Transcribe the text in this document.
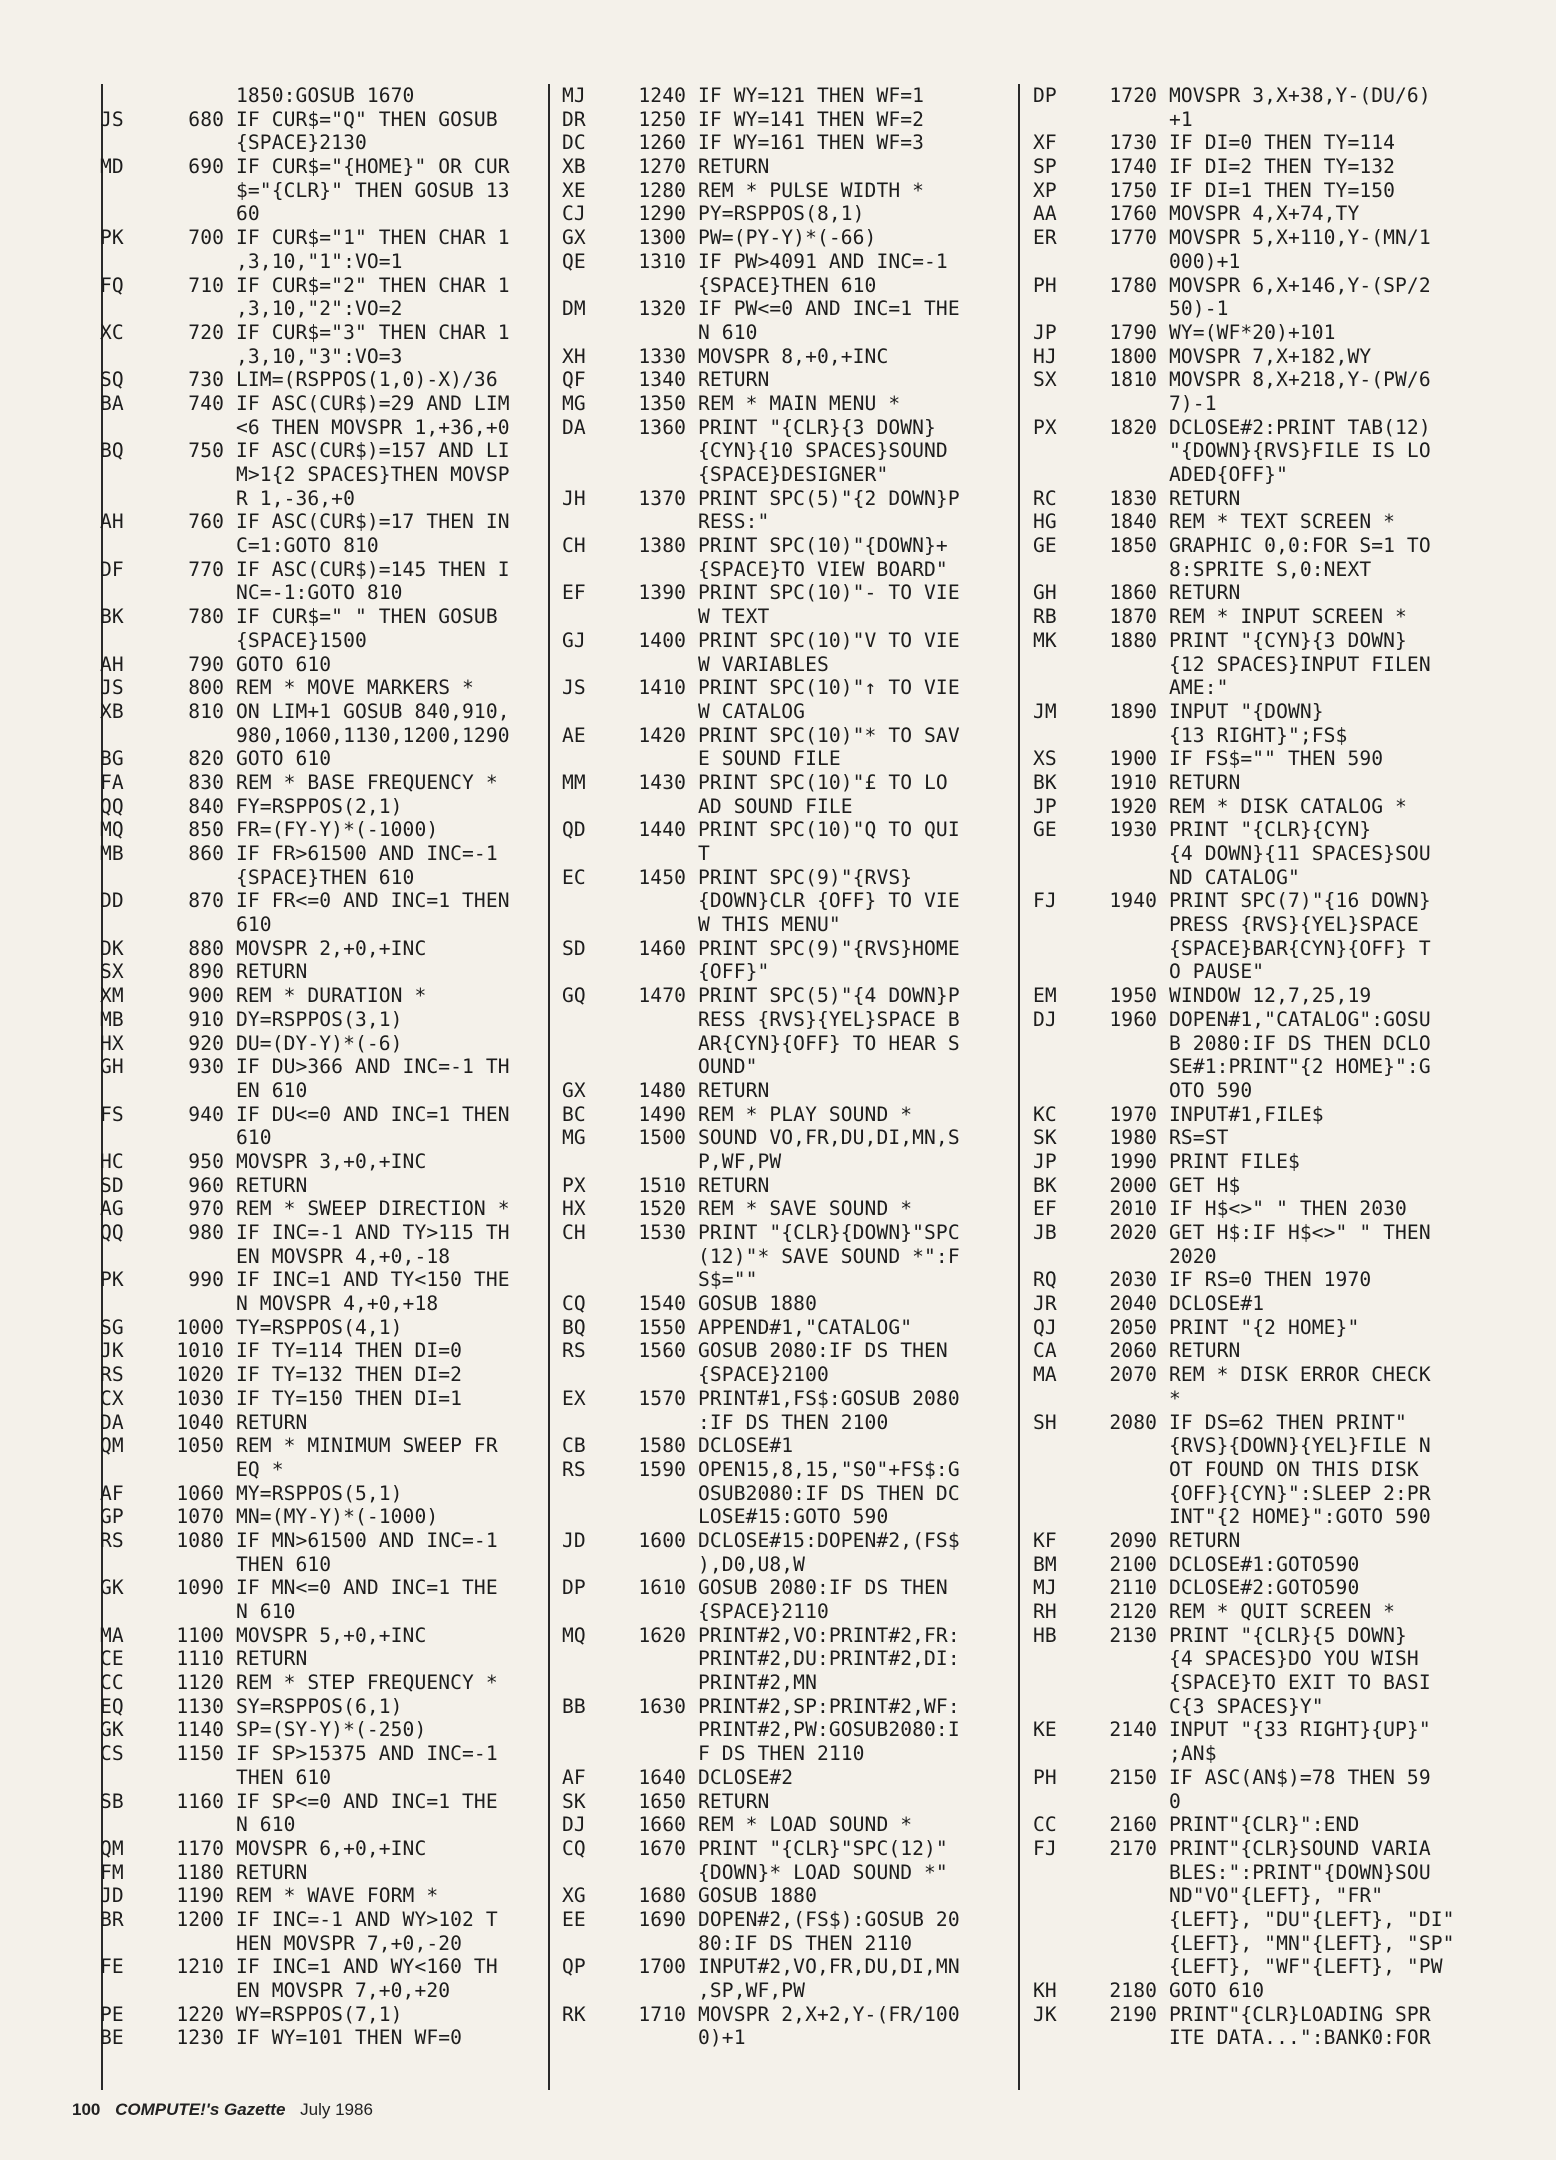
1850:GOSUB 1670
JS	680 IF CUR$="Q" THEN GOSUB
{SPACE}2130
MD	690 IF CUR$="{HOME}" OR CUR
$="{CLR}" THEN GOSUB 13
60
PK	700 IF CUR$="1" THEN CHAR 1
,3,10,"1":VO=1
FQ	710 IF CUR$="2" THEN CHAR 1
,3,10,"2":VO=2
XC	720 IF CUR$="3" THEN CHAR 1
,3,10,"3":VO=3
SQ	730 LIM=(RSPPOS(1,0)-X)/36
BA	740 IF ASC(CUR$)=29 AND LIM
<6 THEN MOVSPR 1,+36,+0
BQ	750 IF ASC(CUR$)=157 AND LI
M>1{2 SPACES}THEN MOVSP
R 1,-36,+0
AH	760 IF ASC(CUR$)=17 THEN IN
C=1:GOTO 810
DF	770 IF ASC(CUR$)=145 THEN I
NC=-1:GOTO 810
BK	780 IF CUR$=" " THEN GOSUB
{SPACE}1500
AH	790 GOTO 610
JS	800 REM * MOVE MARKERS *
XB	810 ON LIM+1 GOSUB 840,910,
980,1060,1130,1200,1290
BG	820 GOTO 610
FA	830 REM * BASE FREQUENCY *
QQ	840 FY=RSPPOS(2,1)
MQ	850 FR=(FY-Y)*(-1000)
MB	860 IF FR>61500 AND INC=-1
{SPACE}THEN 610
DD	870 IF FR<=0 AND INC=1 THEN
610
DK	880 MOVSPR 2,+0,+INC
SX	890 RETURN
XM	900 REM * DURATION *
MB	910 DY=RSPPOS(3,1)
HX	920 DU=(DY-Y)*(-6)
GH	930 IF DU>366 AND INC=-1 TH
EN 610
FS	940 IF DU<=0 AND INC=1 THEN
610
HC	950 MOVSPR 3,+0,+INC
SD	960 RETURN
AG	970 REM * SWEEP DIRECTION *
QQ	980 IF INC=-1 AND TY>115 TH
EN MOVSPR 4,+0,-18
PK	990 IF INC=1 AND TY<150 THE
N MOVSPR 4,+0,+18
SG	1000 TY=RSPPOS(4,1)
JK	1010 IF TY=114 THEN DI=0
RS	1020 IF TY=132 THEN DI=2
CX	1030 IF TY=150 THEN DI=1
DA	1040 RETURN
QM	1050 REM * MINIMUM SWEEP FR
EQ *
AF	1060 MY=RSPPOS(5,1)
GP	1070 MN=(MY-Y)*(-1000)
RS	1080 IF MN>61500 AND INC=-1
THEN 610
GK	1090 IF MN<=0 AND INC=1 THE
N 610
MA	1100 MOVSPR 5,+0,+INC
CE	1110 RETURN
CC	1120 REM * STEP FREQUENCY *
EQ	1130 SY=RSPPOS(6,1)
GK	1140 SP=(SY-Y)*(-250)
CS	1150 IF SP>15375 AND INC=-1
THEN 610
SB	1160 IF SP<=0 AND INC=1 THE
N 610
QM	1170 MOVSPR 6,+0,+INC
FM	1180 RETURN
JD	1190 REM * WAVE FORM *
BR	1200 IF INC=-1 AND WY>102 T
HEN MOVSPR 7,+0,-20
FE	1210 IF INC=1 AND WY<160 TH
EN MOVSPR 7,+0,+20
PE	1220 WY=RSPPOS(7,1)
BE	1230 IF WY=101 THEN WF=0
MJ	1240 IF WY=121 THEN WF=1
DR	1250 IF WY=141 THEN WF=2
DC	1260 IF WY=161 THEN WF=3
XB	1270 RETURN
XE	1280 REM * PULSE WIDTH *
CJ	1290 PY=RSPPOS(8,1)
GX	1300 PW=(PY-Y)*(-66)
QE	1310 IF PW>4091 AND INC=-1
{SPACE}THEN 610
DM	1320 IF PW<=0 AND INC=1 THE
N 610
XH	1330 MOVSPR 8,+0,+INC
QF	1340 RETURN
MG	1350 REM * MAIN MENU *
DA	1360 PRINT "{CLR}{3 DOWN}
{CYN}{10 SPACES}SOUND
{SPACE}DESIGNER"
JH	1370 PRINT SPC(5)"{2 DOWN}P
RESS:"
CH	1380 PRINT SPC(10)"{DOWN}+
{SPACE}TO VIEW BOARD"
EF	1390 PRINT SPC(10)"- TO VIE
W TEXT
GJ	1400 PRINT SPC(10)"V TO VIE
W VARIABLES
JS	1410 PRINT SPC(10)"↑ TO VIE
W CATALOG
AE	1420 PRINT SPC(10)"* TO SAV
E SOUND FILE
MM	1430 PRINT SPC(10)"£ TO LO
AD SOUND FILE
QD	1440 PRINT SPC(10)"Q TO QUI
T
EC	1450 PRINT SPC(9)"{RVS}
{DOWN}CLR {OFF} TO VIE
W THIS MENU"
SD	1460 PRINT SPC(9)"{RVS}HOME
{OFF}"
GQ	1470 PRINT SPC(5)"{4 DOWN}P
RESS {RVS}{YEL}SPACE B
AR{CYN}{OFF} TO HEAR S
OUND"
GX	1480 RETURN
BC	1490 REM * PLAY SOUND *
MG	1500 SOUND VO,FR,DU,DI,MN,S
P,WF,PW
PX	1510 RETURN
HX	1520 REM * SAVE SOUND *
CH	1530 PRINT "{CLR}{DOWN}"SPC
(12)"* SAVE SOUND *":F
S$=""
CQ	1540 GOSUB 1880
BQ	1550 APPEND#1,"CATALOG"
RS	1560 GOSUB 2080:IF DS THEN
{SPACE}2100
EX	1570 PRINT#1,FS$:GOSUB 2080
:IF DS THEN 2100
CB	1580 DCLOSE#1
RS	1590 OPEN15,8,15,"S0"+FS$:G
OSUB2080:IF DS THEN DC
LOSE#15:GOTO 590
JD	1600 DCLOSE#15:DOPEN#2,(FS$
),D0,U8,W
DP	1610 GOSUB 2080:IF DS THEN
{SPACE}2110
MQ	1620 PRINT#2,VO:PRINT#2,FR:
PRINT#2,DU:PRINT#2,DI:
PRINT#2,MN
BB	1630 PRINT#2,SP:PRINT#2,WF:
PRINT#2,PW:GOSUB2080:I
F DS THEN 2110
AF	1640 DCLOSE#2
SK	1650 RETURN
DJ	1660 REM * LOAD SOUND *
CQ	1670 PRINT "{CLR}"SPC(12)"
{DOWN}* LOAD SOUND *"
XG	1680 GOSUB 1880
EE	1690 DOPEN#2,(FS$):GOSUB 20
80:IF DS THEN 2110
QP	1700 INPUT#2,VO,FR,DU,DI,MN
,SP,WF,PW
RK	1710 MOVSPR 2,X+2,Y-(FR/100
0)+1
DP	1720 MOVSPR 3,X+38,Y-(DU/6)
+1
XF	1730 IF DI=0 THEN TY=114
SP	1740 IF DI=2 THEN TY=132
XP	1750 IF DI=1 THEN TY=150
AA	1760 MOVSPR 4,X+74,TY
ER	1770 MOVSPR 5,X+110,Y-(MN/1
000)+1
PH	1780 MOVSPR 6,X+146,Y-(SP/2
50)-1
JP	1790 WY=(WF*20)+101
HJ	1800 MOVSPR 7,X+182,WY
SX	1810 MOVSPR 8,X+218,Y-(PW/6
7)-1
PX	1820 DCLOSE#2:PRINT TAB(12)
"{DOWN}{RVS}FILE IS LO
ADED{OFF}"
RC	1830 RETURN
HG	1840 REM * TEXT SCREEN *
GE	1850 GRAPHIC 0,0:FOR S=1 TO
8:SPRITE S,0:NEXT
GH	1860 RETURN
RB	1870 REM * INPUT SCREEN *
MK	1880 PRINT "{CYN}{3 DOWN}
{12 SPACES}INPUT FILEN
AME:"
JM	1890 INPUT "{DOWN}
{13 RIGHT}";FS$
XS	1900 IF FS$="" THEN 590
BK	1910 RETURN
JP	1920 REM * DISK CATALOG *
GE	1930 PRINT "{CLR}{CYN}
{4 DOWN}{11 SPACES}SOU
ND CATALOG"
FJ	1940 PRINT SPC(7)"{16 DOWN}
PRESS {RVS}{YEL}SPACE
{SPACE}BAR{CYN}{OFF} T
O PAUSE"
EM	1950 WINDOW 12,7,25,19
DJ	1960 DOPEN#1,"CATALOG":GOSU
B 2080:IF DS THEN DCLO
SE#1:PRINT"{2 HOME}":G
OTO 590
KC	1970 INPUT#1,FILE$
SK	1980 RS=ST
JP	1990 PRINT FILE$
BK	2000 GET H$
EF	2010 IF H$<>" " THEN 2030
JB	2020 GET H$:IF H$<>" " THEN
2020
RQ	2030 IF RS=0 THEN 1970
JR	2040 DCLOSE#1
QJ	2050 PRINT "{2 HOME}"
CA	2060 RETURN
MA	2070 REM * DISK ERROR CHECK
*
SH	2080 IF DS=62 THEN PRINT"
{RVS}{DOWN}{YEL}FILE N
OT FOUND ON THIS DISK
{OFF}{CYN}":SLEEP 2:PR
INT"{2 HOME}":GOTO 590
KF	2090 RETURN
BM	2100 DCLOSE#1:GOTO590
MJ	2110 DCLOSE#2:GOTO590
RH	2120 REM * QUIT SCREEN *
HB	2130 PRINT "{CLR}{5 DOWN}
{4 SPACES}DO YOU WISH
{SPACE}TO EXIT TO BASI
C{3 SPACES}Y"
KE	2140 INPUT "{33 RIGHT}{UP}"
;AN$
PH	2150 IF ASC(AN$)=78 THEN 59
0
CC	2160 PRINT"{CLR}":END
FJ	2170 PRINT"{CLR}SOUND VARIA
BLES:":PRINT"{DOWN}SOU
ND"VO"{LEFT}, "FR"
{LEFT}, "DU"{LEFT}, "DI"
{LEFT}, "MN"{LEFT}, "SP"
{LEFT}, "WF"{LEFT}, "PW
KH	2180 GOTO 610
JK	2190 PRINT"{CLR}LOADING SPR
ITE DATA...":BANK0:FOR
100 COMPUTE!'s Gazette July 1986
